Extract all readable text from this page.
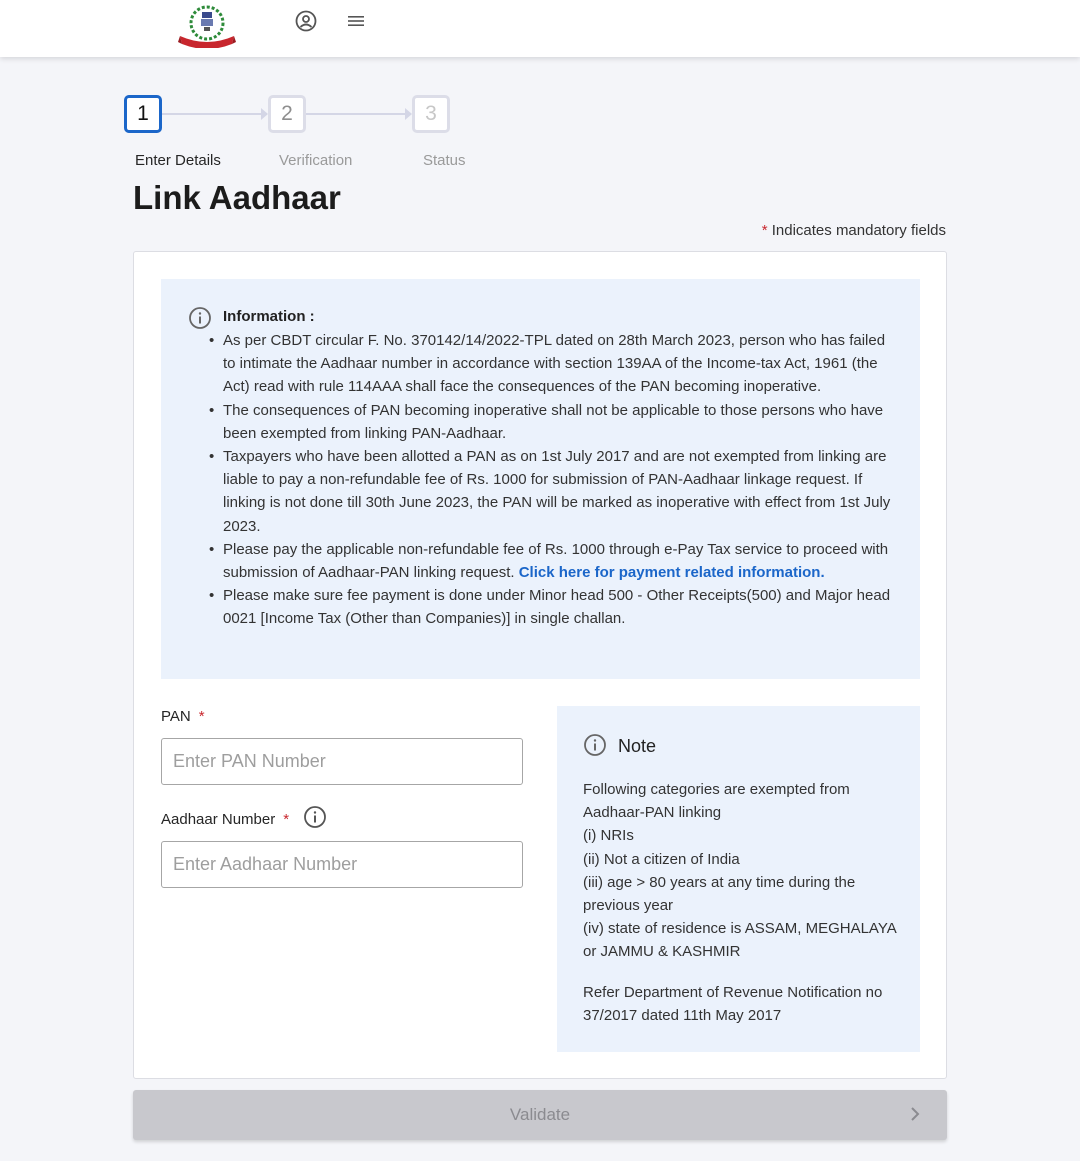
1	2	3
Enter Details	Verification	Status
Link Aadhaar
* Indicates mandatory fields
Information :
• As per CBDT circular F. No. 370142/14/2022-TPL dated on 28th March 2023, person who has failed to intimate the Aadhaar number in accordance with section 139AA of the Income-tax Act, 1961 (the Act) read with rule 114AAA shall face the consequences of the PAN becoming inoperative.
• The consequences of PAN becoming inoperative shall not be applicable to those persons who have been exempted from linking PAN-Aadhaar.
• Taxpayers who have been allotted a PAN as on 1st July 2017 and are not exempted from linking are liable to pay a non-refundable fee of Rs. 1000 for submission of PAN-Aadhaar linkage request. If linking is not done till 30th June 2023, the PAN will be marked as inoperative with effect from 1st July 2023.
• Please pay the applicable non-refundable fee of Rs. 1000 through e-Pay Tax service to proceed with submission of Aadhaar-PAN linking request. Click here for payment related information.
• Please make sure fee payment is done under Minor head 500 - Other Receipts(500) and Major head 0021 [Income Tax (Other than Companies)] in single challan.
PAN *
Enter PAN Number
Aadhaar Number *
Enter Aadhaar Number
Note
Following categories are exempted from Aadhaar-PAN linking
(i) NRIs
(ii) Not a citizen of India
(iii) age > 80 years at any time during the previous year
(iv) state of residence is ASSAM, MEGHALAYA or JAMMU & KASHMIR
Refer Department of Revenue Notification no 37/2017 dated 11th May 2017
Validate
